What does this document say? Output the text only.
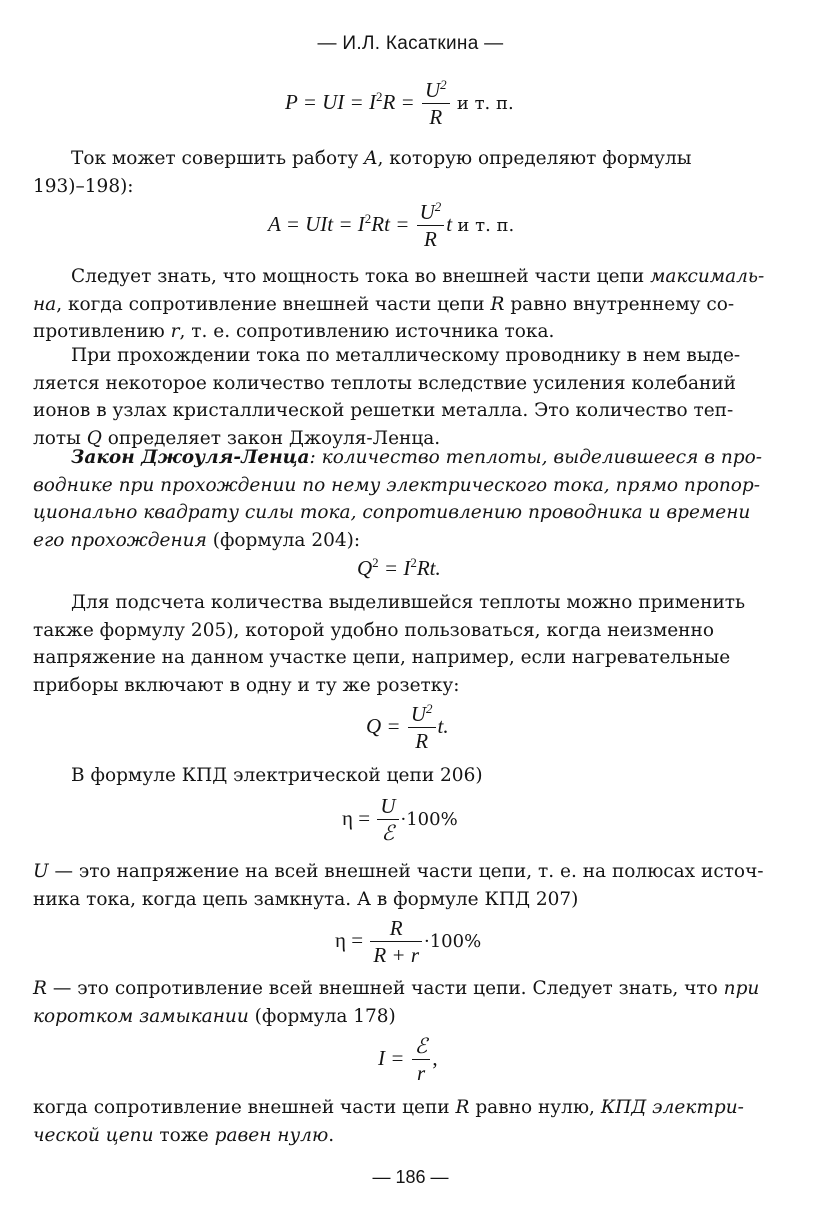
— И.Л. Касаткина —
P = UI = $I^2R = \frac{U^2}{R}$ и т. п.

Ток может совершить работу A, которую определяют формулы
193)–198):

A = UIt = $I^2Rt = \frac{U^2}{R}$ t и т. п.

Следует знать, что мощность тока во внешней части цепи максималь-
на, когда сопротивление внешней части цепи R равно внутреннему со-
противлению r, т. е. сопротивлению источника тока.

При прохождении тока по металлическому проводнику в нем выде-
ляется некоторое количество теплоты вследствие усиления колебаний
ионов в узлах кристаллической решетки металла. Это количество теп-
лоты Q определяет закон Джоуля-Ленца.

Закон Джоуля-Ленца: количество теплоты, выделившееся в про-
воднике при прохождении по нему электрического тока, прямо пропор-
ционально квадрату силы тока, сопротивлению проводника и времени
его прохождения (формула 204):

$Q^2 = I^2Rt$.

Для подсчета количества выделившейся теплоты можно применить
также формулу 205), которой удобно пользоваться, когда неизменно
напряжение на данном участке цепи, например, если нагревательные
приборы включают в одну и ту же розетку:

$Q = \frac{U^2}{R} t$.

В формуле КПД электрической цепи 206)

$\eta = \frac{U}{\text{ℰ}} \cdot 100\%$

U — это напряжение на всей внешней части цепи, т. е. на полюсах источ-
ника тока, когда цепь замкнута. А в формуле КПД 207)

$\eta = \frac{R}{R + r} \cdot 100\%$

R — это сопротивление всей внешней части цепи. Следует знать, что при
коротком замыкании (формула 178)

$I = \frac{\text{ℰ}}{r}$ ,

когда сопротивление внешней части цепи R равно нулю, КПД электри-
ческой цепи тоже равен нулю.

— 186 —
